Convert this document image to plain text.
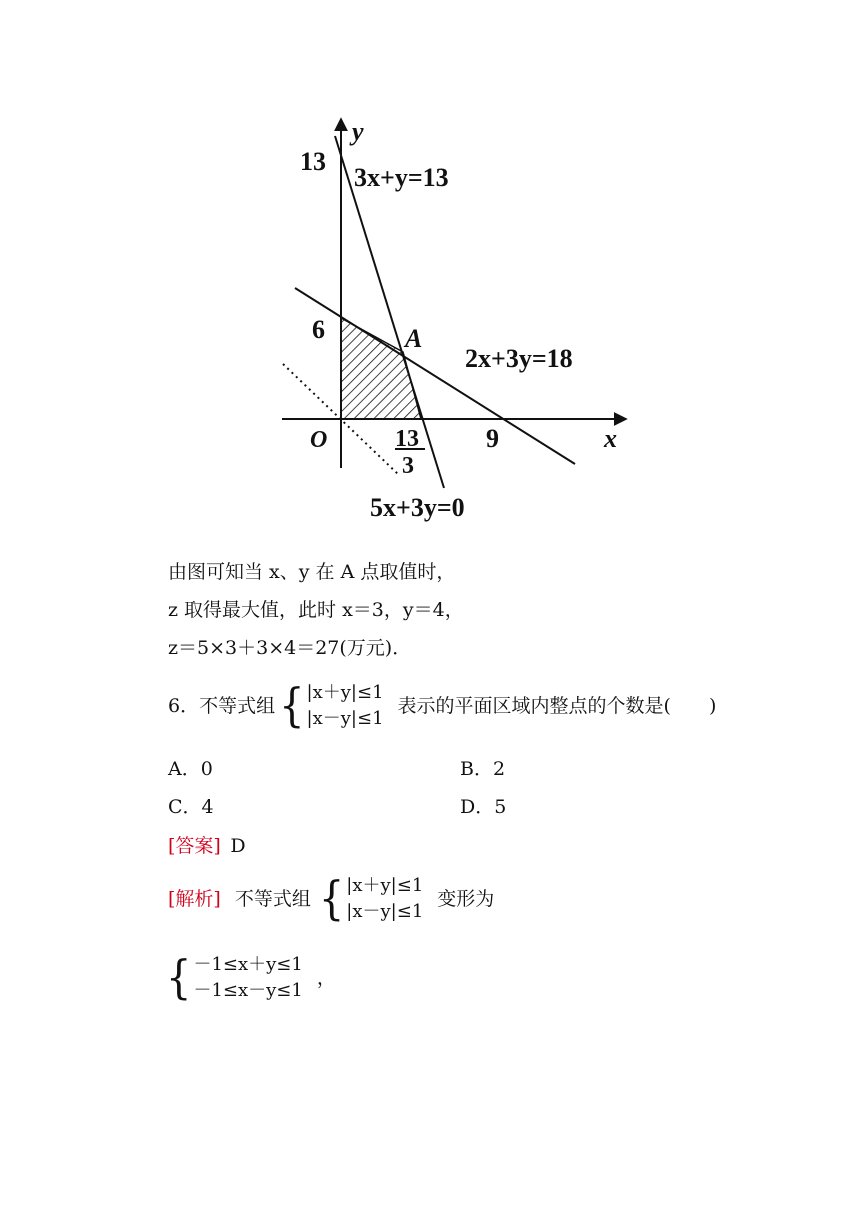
y
x
O
13
6
9
13
3
A
3x+y=13
2x+3y=18
5x+3y=0
由图可知当 x、y 在 A 点取值时，
z 取得最大值，此时 x＝3，y＝4，
z＝5×3＋3×4＝27(万元)．
6．不等式组 { |x＋y|≤1
|x－y|≤1
表示的平面区域内整点的个数是(　　)
A．0	B．2
C．4	D．5
[答案]  D
[解析] 不等式组 { |x＋y|≤1
|x－y|≤1
变形为
{ －1≤x＋y≤1
－1≤x－y≤1
，
